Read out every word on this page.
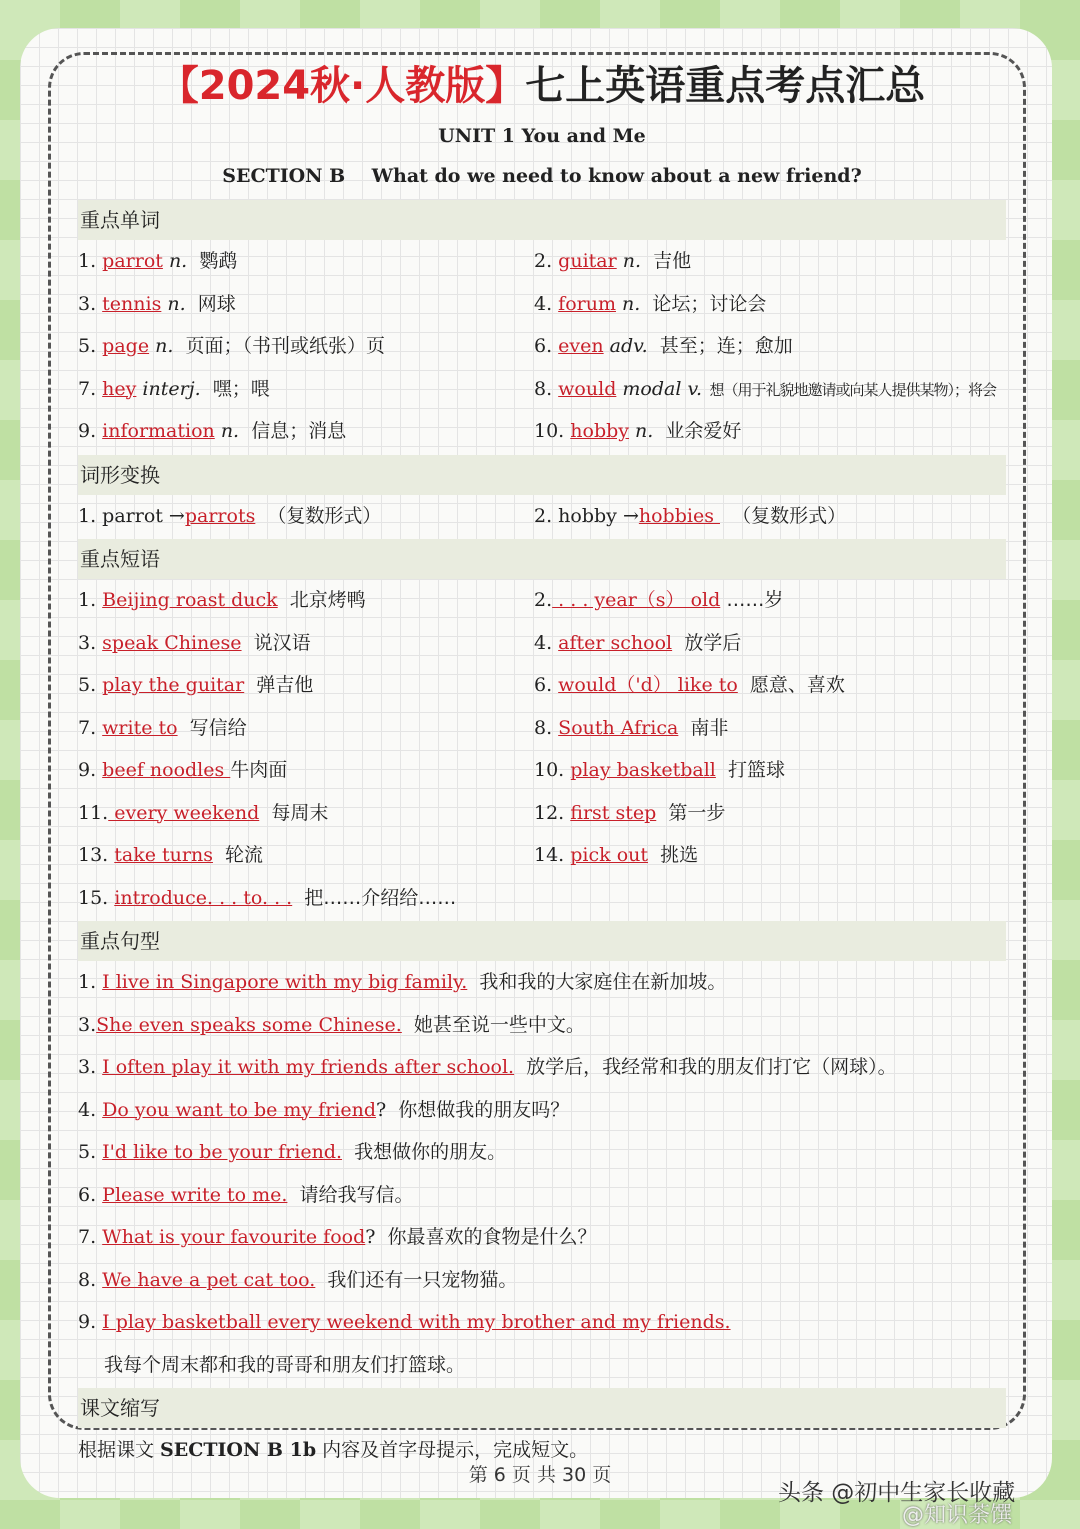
【2024秋·人教版】七上英语重点考点汇总
UNIT 1 You and Me
SECTION B    What do we need to know about a new friend?
重点单词
1. parrot n.  鹦鹉	2. guitar n.  吉他
3. tennis n.  网球	4. forum n.  论坛；讨论会
5. page n.  页面；（书刊或纸张）页	6. even adv.  甚至；连；愈加
7. hey interj.  嘿；喂	8. would modal v.  想（用于礼貌地邀请或向某人提供某物）；将会
9. information n.  信息；消息	10. hobby n.  业余爱好
词形变换
1. parrot →parrots  （复数形式）	2. hobby →hobbies   （复数形式）
重点短语
1. Beijing roast duck  北京烤鸭	2. . . . year（s） old ……岁
3. speak Chinese  说汉语	4. after school  放学后
5. play the guitar  弹吉他	6. would（'d） like to  愿意、喜欢
7. write to  写信给	8. South Africa  南非
9. beef noodles 牛肉面	10. play basketball  打篮球
11. every weekend  每周末	12. first step  第一步
13. take turns  轮流	14. pick out  挑选
15. introduce. . . to. . .  把……介绍给……
重点句型
1. I live in Singapore with my big family.  我和我的大家庭住在新加坡。
3.She even speaks some Chinese.  她甚至说一些中文。
3. I often play it with my friends after school.  放学后，我经常和我的朋友们打它（网球）。
4. Do you want to be my friend?  你想做我的朋友吗？
5. I'd like to be your friend.  我想做你的朋友。
6. Please write to me.  请给我写信。
7. What is your favourite food?  你最喜欢的食物是什么？
8. We have a pet cat too.  我们还有一只宠物猫。
9. I play basketball every weekend with my brother and my friends.
我每个周末都和我的哥哥和朋友们打篮球。
课文缩写
根据课文 SECTION B 1b 内容及首字母提示，完成短文。
第 6 页 共 30 页
头条 @初中生家长收藏
@知识荼馔
